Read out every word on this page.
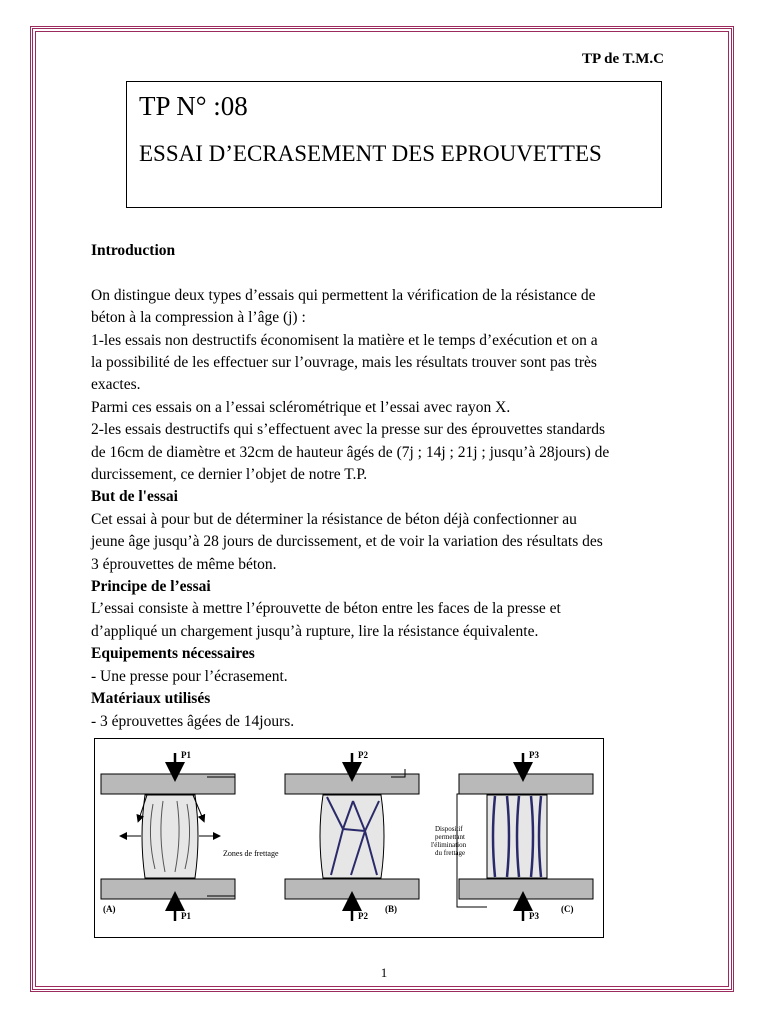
TP de T.M.C
TP N° :08
ESSAI D’ECRASEMENT DES EPROUVETTES

Introduction

On distingue deux types d’essais qui permettent la vérification de la résistance de

béton à la compression à l’âge (j) :

1-les essais non destructifs économisent la matière et le temps d’exécution et on a

la possibilité de les effectuer sur l’ouvrage, mais les résultats trouver sont pas très

exactes.

Parmi ces essais on a l’essai sclérométrique et l’essai avec rayon X.

2-les essais destructifs qui s’effectuent avec la presse sur des éprouvettes standards

de 16cm de diamètre et 32cm de hauteur âgés de (7j ; 14j ; 21j ; jusqu’à 28jours) de

durcissement, ce dernier l’objet de notre T.P.

But de l'essai

Cet essai à pour but de déterminer la résistance de béton déjà confectionner au

jeune âge jusqu’à 28 jours de durcissement, et de voir la variation des résultats des

3 éprouvettes de même béton.

Principe de l’essai

L’essai consiste à mettre l’éprouvette de béton entre les faces de la presse et

d’appliqué un chargement jusqu’à rupture, lire la résistance équivalente.

Equipements nécessaires

- Une presse pour l’écrasement.

Matériaux utilisés

- 3 éprouvettes âgées de 14jours.

P1
P1
(A)
Zones de frettage
P2
P2
(B)
P3
P3
(C)
Dispositif
permettant
l'élimination
du frettage
1
